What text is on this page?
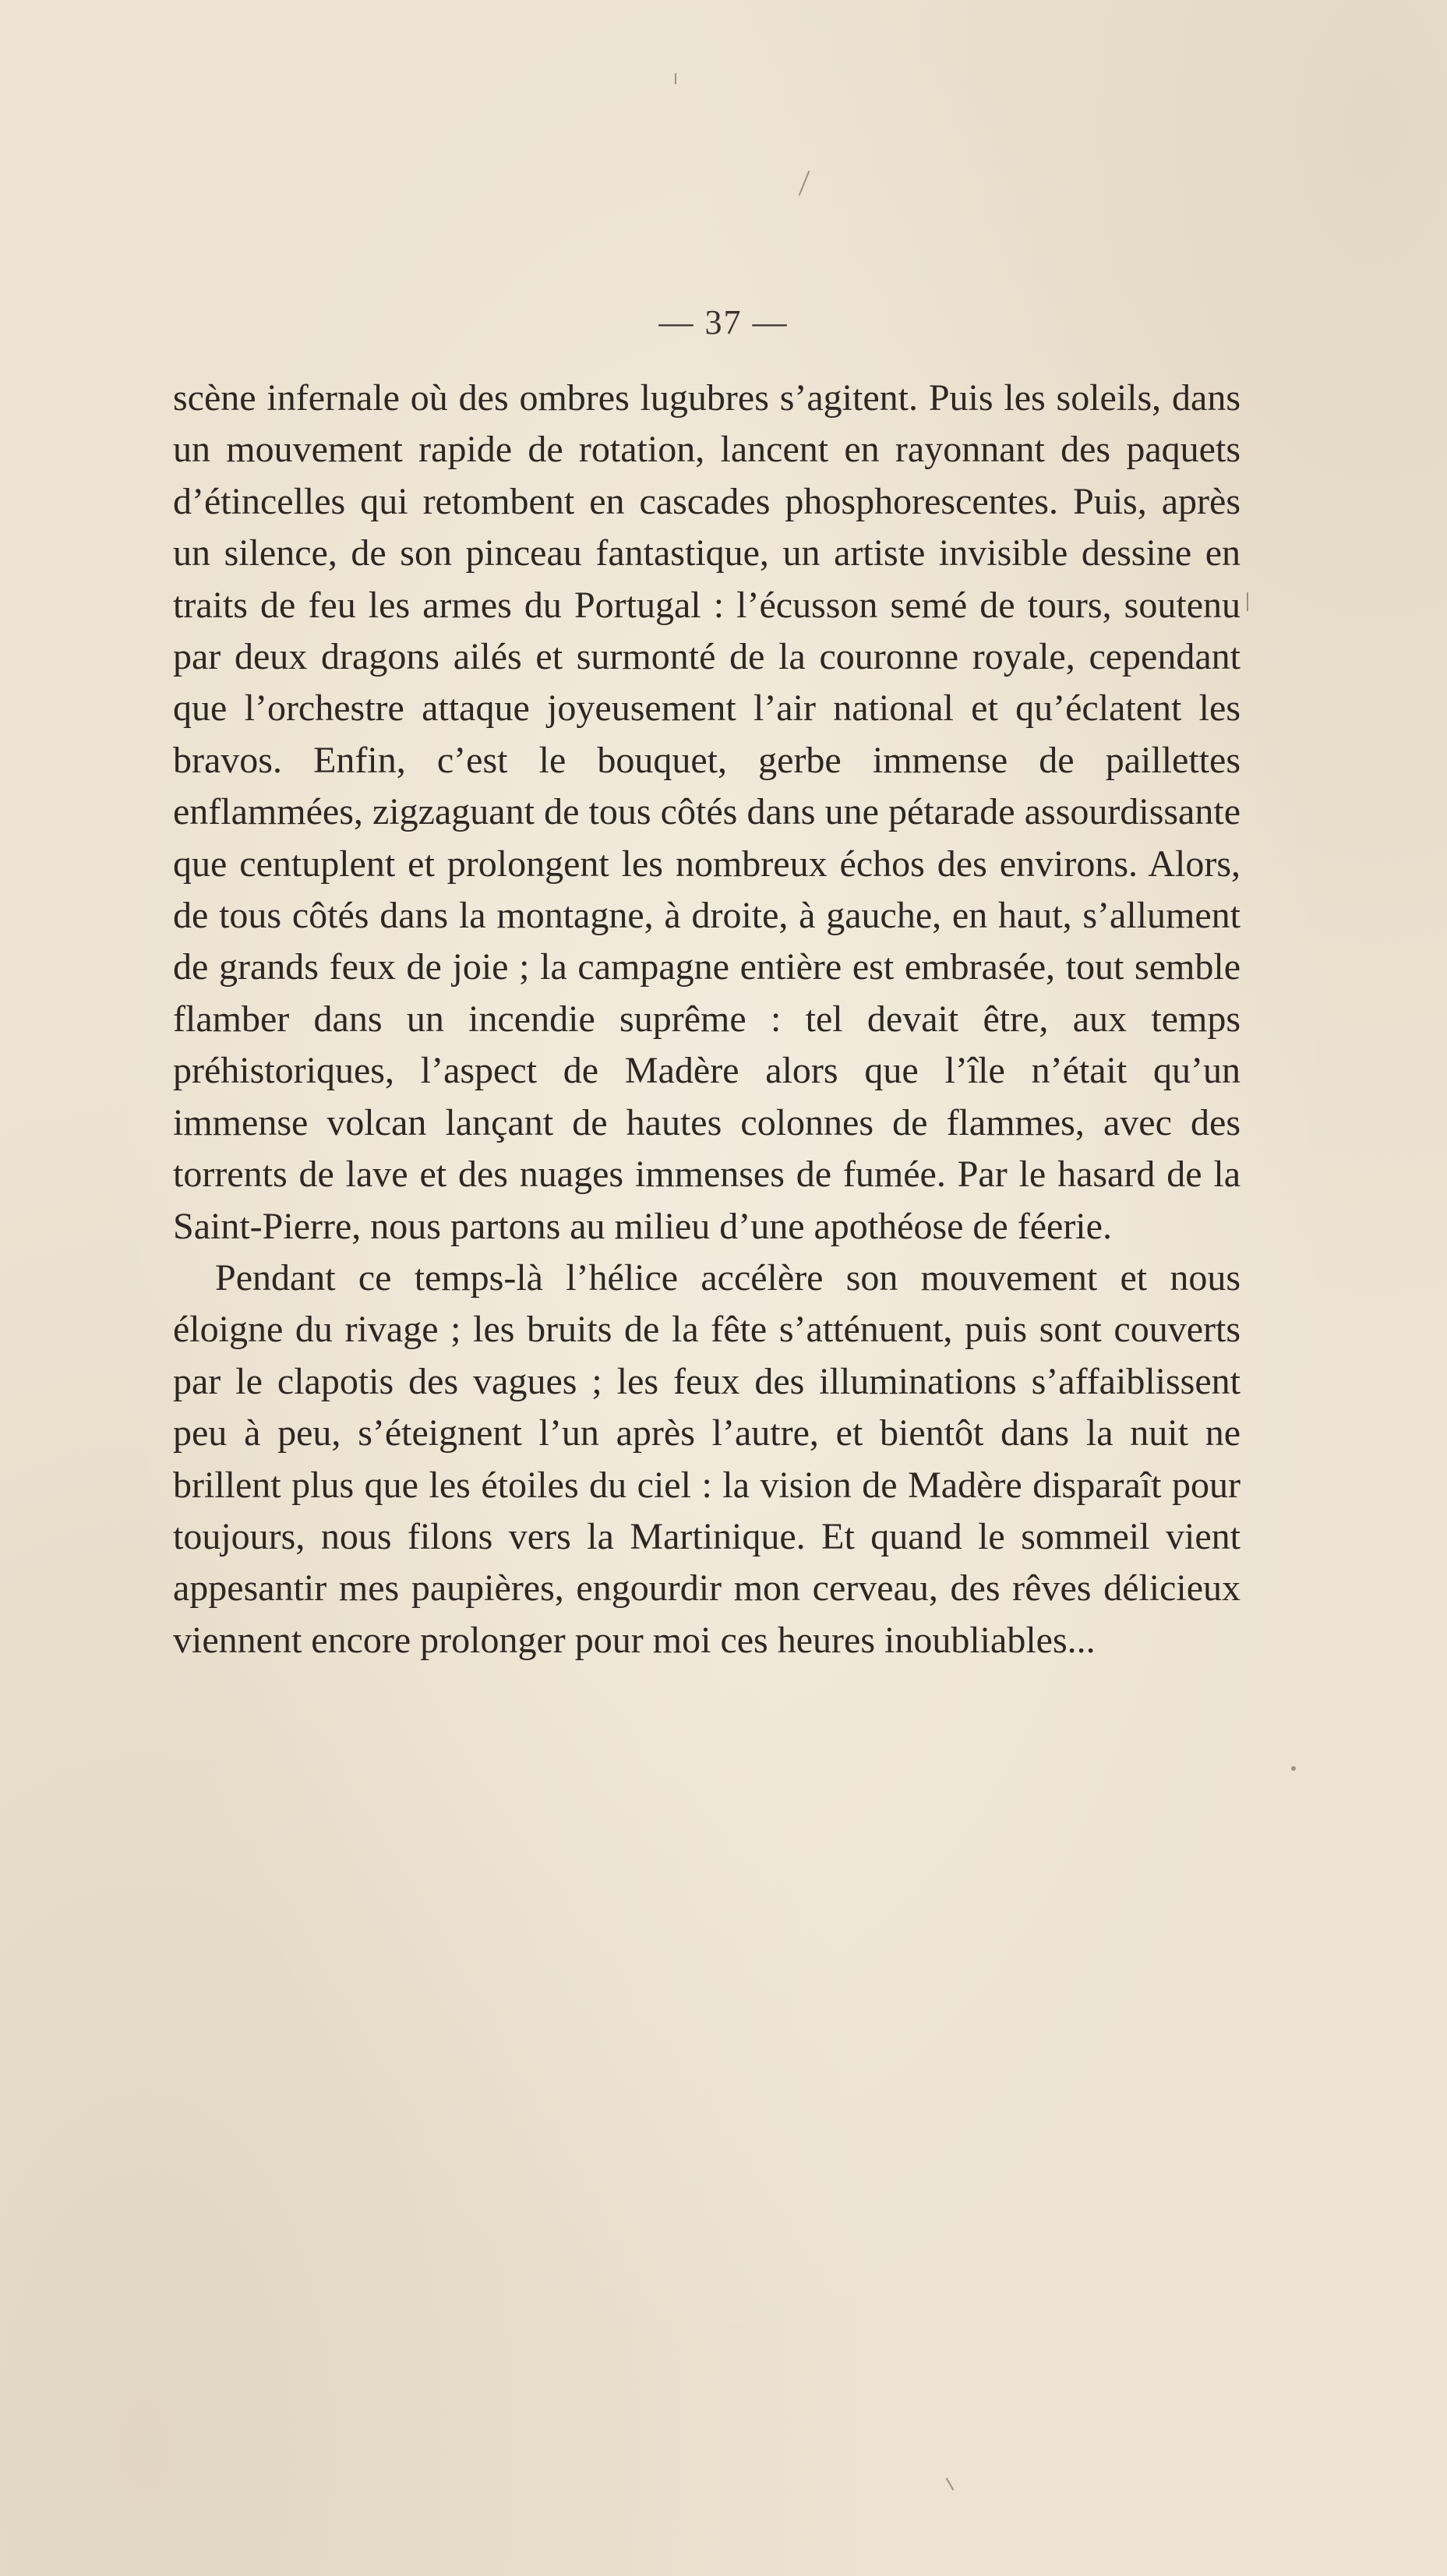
— 37 —

scène infernale où des ombres lugubres s’agitent. Puis les soleils, dans un mouvement rapide de rotation, lancent en rayonnant des paquets d’étincelles qui retombent en cascades phosphorescentes. Puis, après un silence, de son pinceau fantastique, un artiste invisible dessine en traits de feu les armes du Portugal : l’écusson semé de tours, soutenu par deux dragons ailés et surmonté de la couronne royale, cependant que l’orchestre attaque joyeusement l’air national et qu’éclatent les bravos. Enfin, c’est le bouquet, gerbe immense de paillettes enflammées, zigzaguant de tous côtés dans une pétarade assourdissante que centuplent et prolongent les nombreux échos des environs. Alors, de tous côtés dans la montagne, à droite, à gauche, en haut, s’allument de grands feux de joie ; la campagne entière est embrasée, tout semble flamber dans un incendie suprême : tel devait être, aux temps préhistoriques, l’aspect de Madère alors que l’île n’était qu’un immense volcan lançant de hautes colonnes de flammes, avec des torrents de lave et des nuages immenses de fumée. Par le hasard de la Saint-Pierre, nous partons au milieu d’une apothéose de féerie.

Pendant ce temps-là l’hélice accélère son mouvement et nous éloigne du rivage ; les bruits de la fête s’atténuent, puis sont couverts par le clapotis des vagues ; les feux des illuminations s’affaiblissent peu à peu, s’éteignent l’un après l’autre, et bientôt dans la nuit ne brillent plus que les étoiles du ciel : la vision de Madère disparaît pour toujours, nous filons vers la Martinique. Et quand le sommeil vient appesantir mes paupières, engourdir mon cerveau, des rêves délicieux viennent encore prolonger pour moi ces heures inoubliables...
